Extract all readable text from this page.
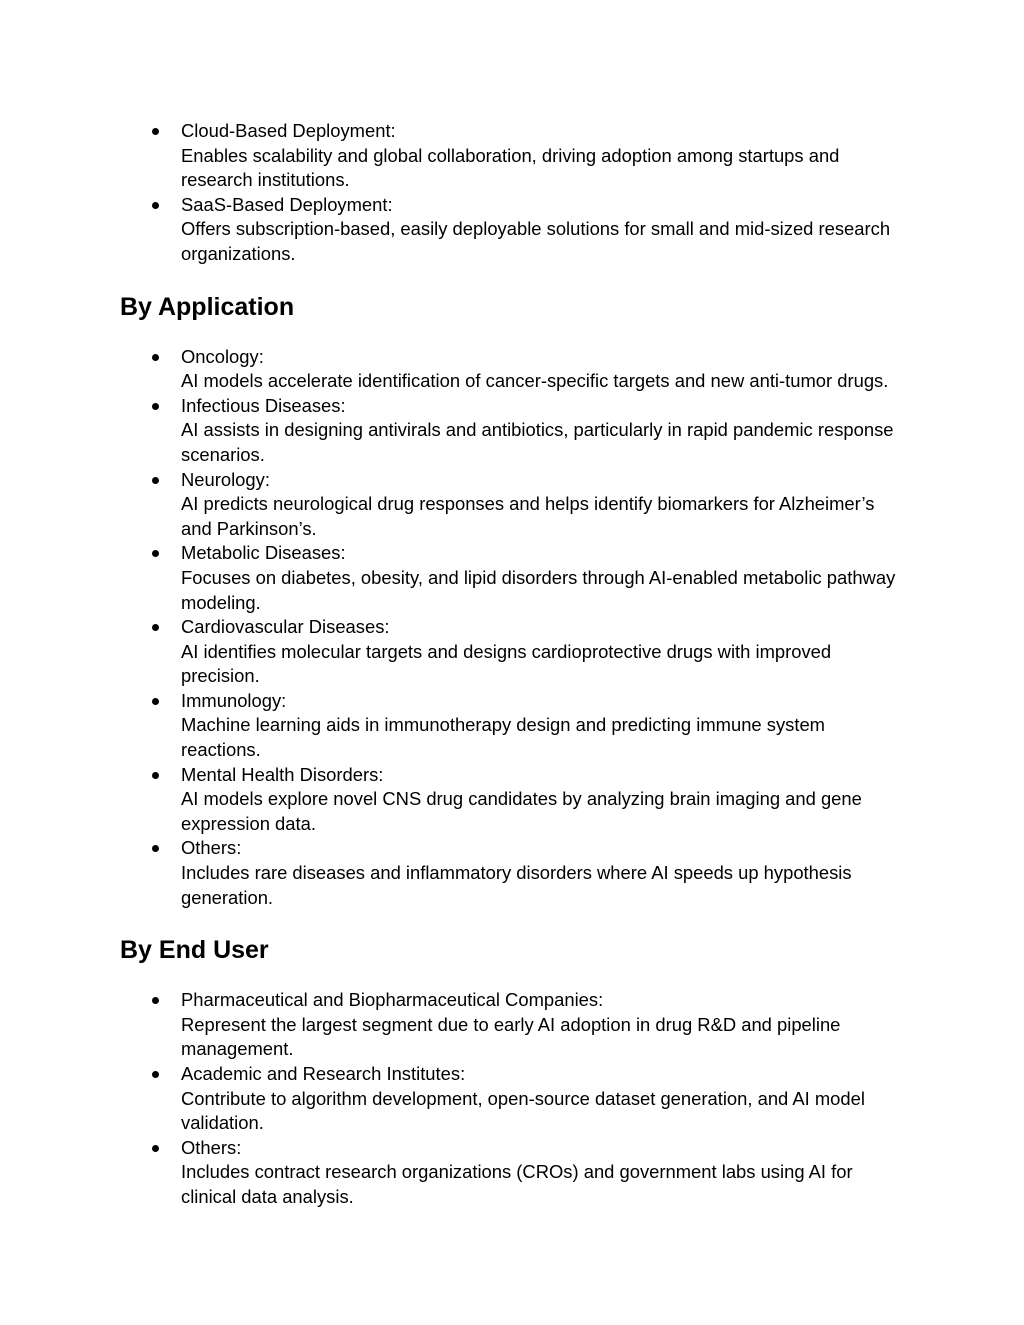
Cloud-Based Deployment:
Enables scalability and global collaboration, driving adoption among startups and research institutions.
SaaS-Based Deployment:
Offers subscription-based, easily deployable solutions for small and mid-sized research organizations.
By Application
Oncology:
AI models accelerate identification of cancer-specific targets and new anti-tumor drugs.
Infectious Diseases:
AI assists in designing antivirals and antibiotics, particularly in rapid pandemic response scenarios.
Neurology:
AI predicts neurological drug responses and helps identify biomarkers for Alzheimer’s and Parkinson’s.
Metabolic Diseases:
Focuses on diabetes, obesity, and lipid disorders through AI-enabled metabolic pathway modeling.
Cardiovascular Diseases:
AI identifies molecular targets and designs cardioprotective drugs with improved precision.
Immunology:
Machine learning aids in immunotherapy design and predicting immune system reactions.
Mental Health Disorders:
AI models explore novel CNS drug candidates by analyzing brain imaging and gene expression data.
Others:
Includes rare diseases and inflammatory disorders where AI speeds up hypothesis generation.
By End User
Pharmaceutical and Biopharmaceutical Companies:
Represent the largest segment due to early AI adoption in drug R&D and pipeline management.
Academic and Research Institutes:
Contribute to algorithm development, open-source dataset generation, and AI model validation.
Others:
Includes contract research organizations (CROs) and government labs using AI for clinical data analysis.
